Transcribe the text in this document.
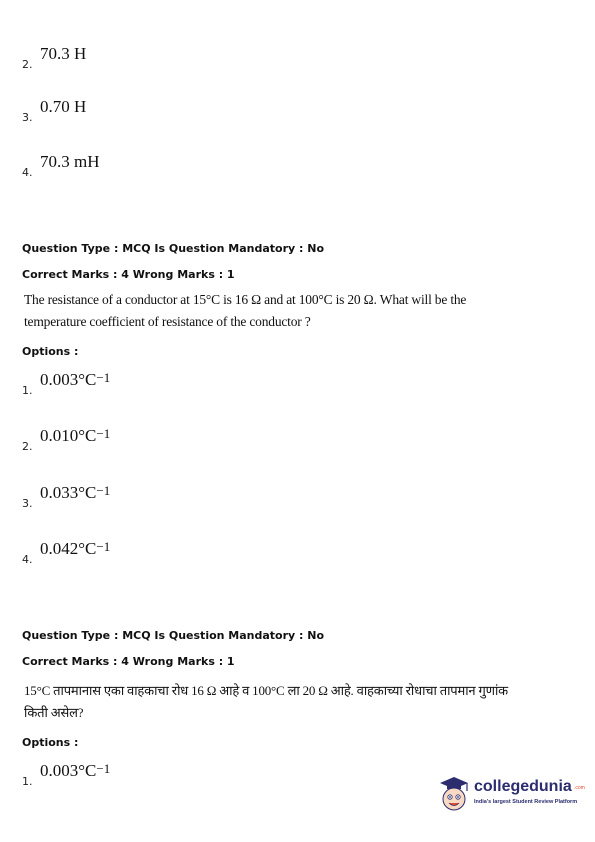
2.
70.3 H
3.
0.70 H
4.
70.3 mH
Question Type : MCQ Is Question Mandatory : No
Correct Marks : 4 Wrong Marks : 1
The resistance of a conductor at 15°C is 16 Ω and at 100°C is 20 Ω. What will be the
temperature coefficient of resistance of the conductor ?
Options :
1.
$0.003^\circ C^{-1}$
2.
$0.010^\circ C^{-1}$
3.
$0.033^\circ C^{-1}$
4.
$0.042^\circ C^{-1}$
Question Type : MCQ Is Question Mandatory : No
Correct Marks : 4 Wrong Marks : 1
15°C तापमानास एका वाहकाचा रोध 16 Ω आहे व 100°C ला 20 Ω आहे. वाहकाच्या रोधाचा तापमान गुणांक
किती असेल?
Options :
1.
$0.003^\circ C^{-1}$
collegedunia .com
India's largest Student Review Platform
